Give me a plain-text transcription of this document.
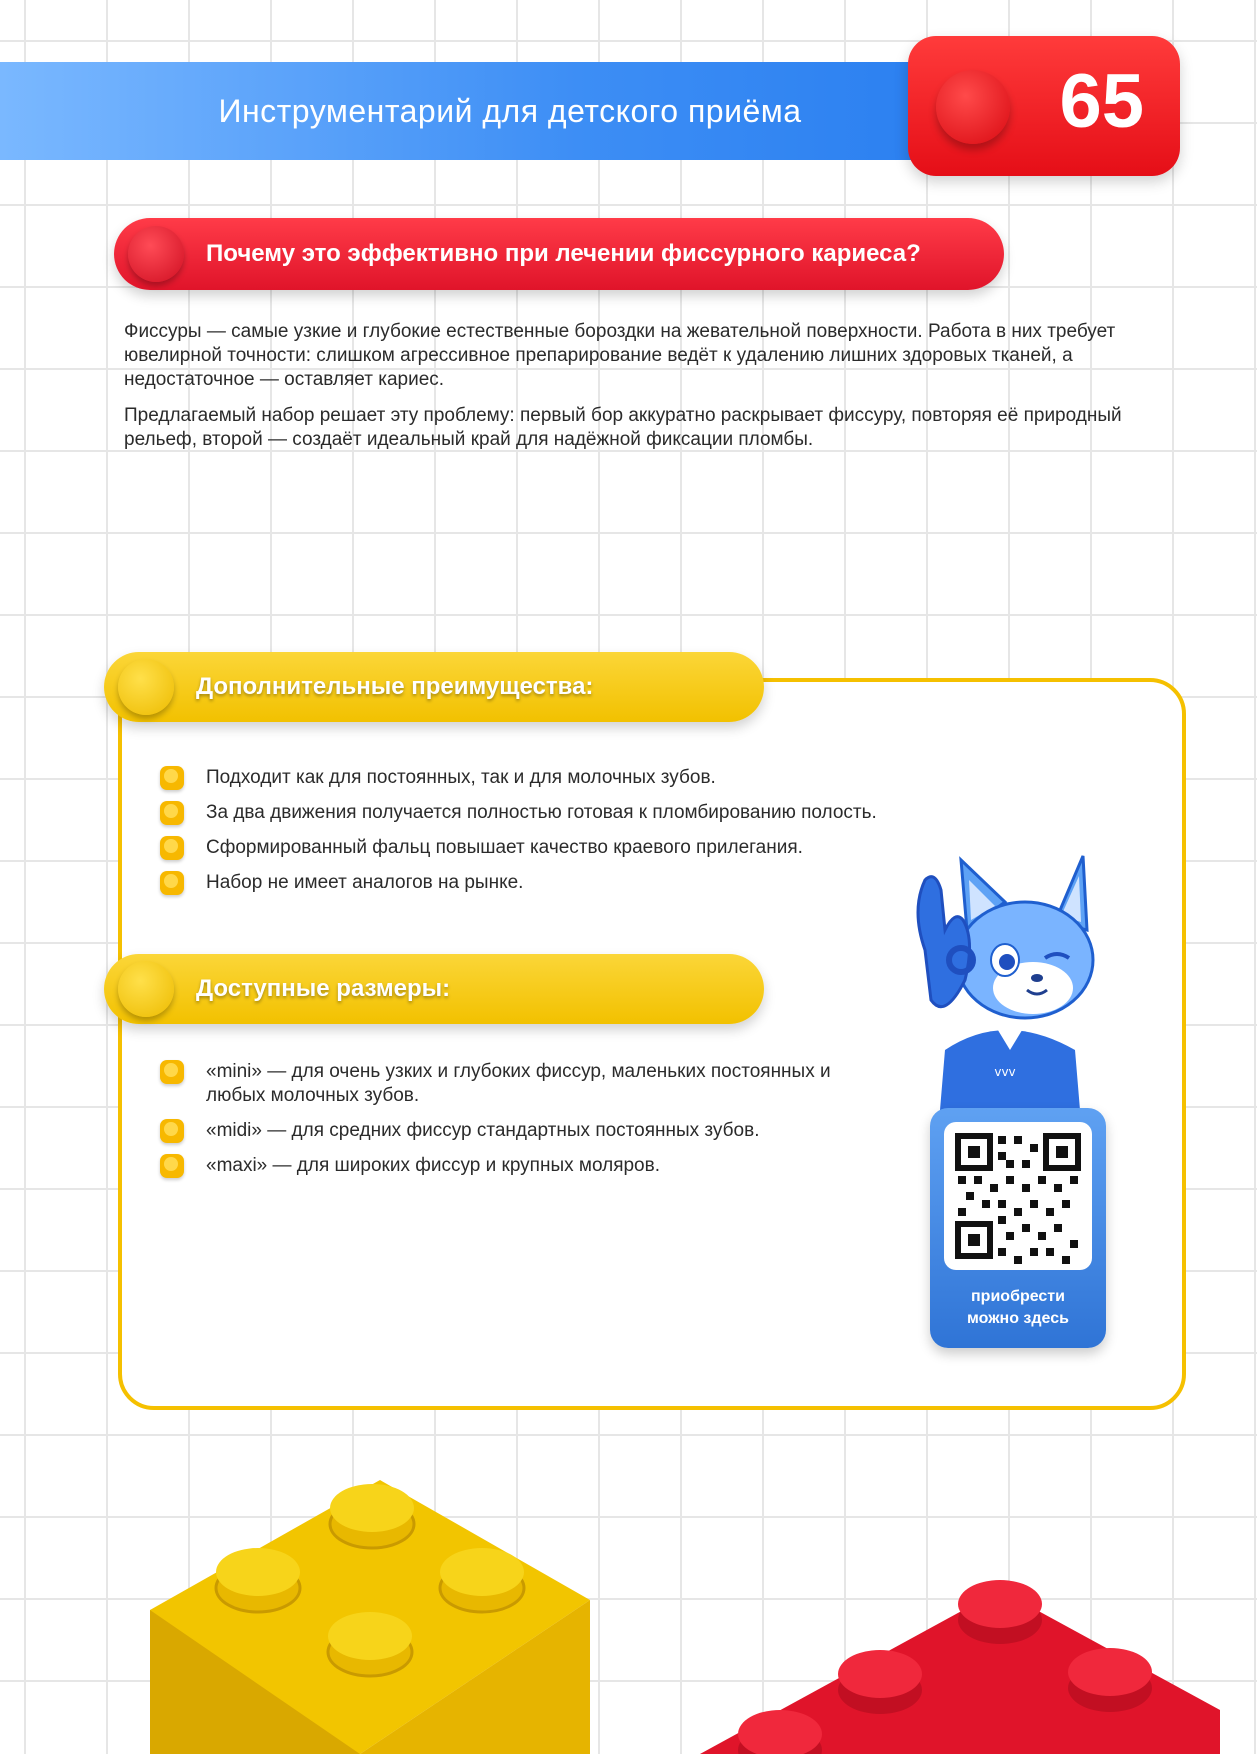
Инструментарий для детского приёма	65
Почему это эффективно при лечении фиссурного кариеса?

Фиссуры — самые узкие и глубокие естественные бороздки на жевательной поверхности. Работа в них требует ювелирной точности: слишком агрессивное препарирование ведёт к удалению лишних здоровых тканей, а недостаточное — оставляет кариес.

Предлагаемый набор решает эту проблему: первый бор аккуратно раскрывает фиссуру, повторяя её природный рельеф, второй — создаёт идеальный край для надёжной фиксации пломбы.

Дополнительные преимущества:
Подходит как для постоянных, так и для молочных зубов.
За два движения получается полностью готовая к пломбированию полость.
Сформированный фальц повышает качество краевого прилегания.
Набор не имеет аналогов на рынке.
Доступные размеры:
«mini» — для очень узких и глубоких фиссур, маленьких постоянных и любых молочных зубов.
«midi» — для средних фиссур стандартных постоянных зубов.
«maxi» — для широких фиссур и крупных моляров.
vvv
приобрести
можно здесь
